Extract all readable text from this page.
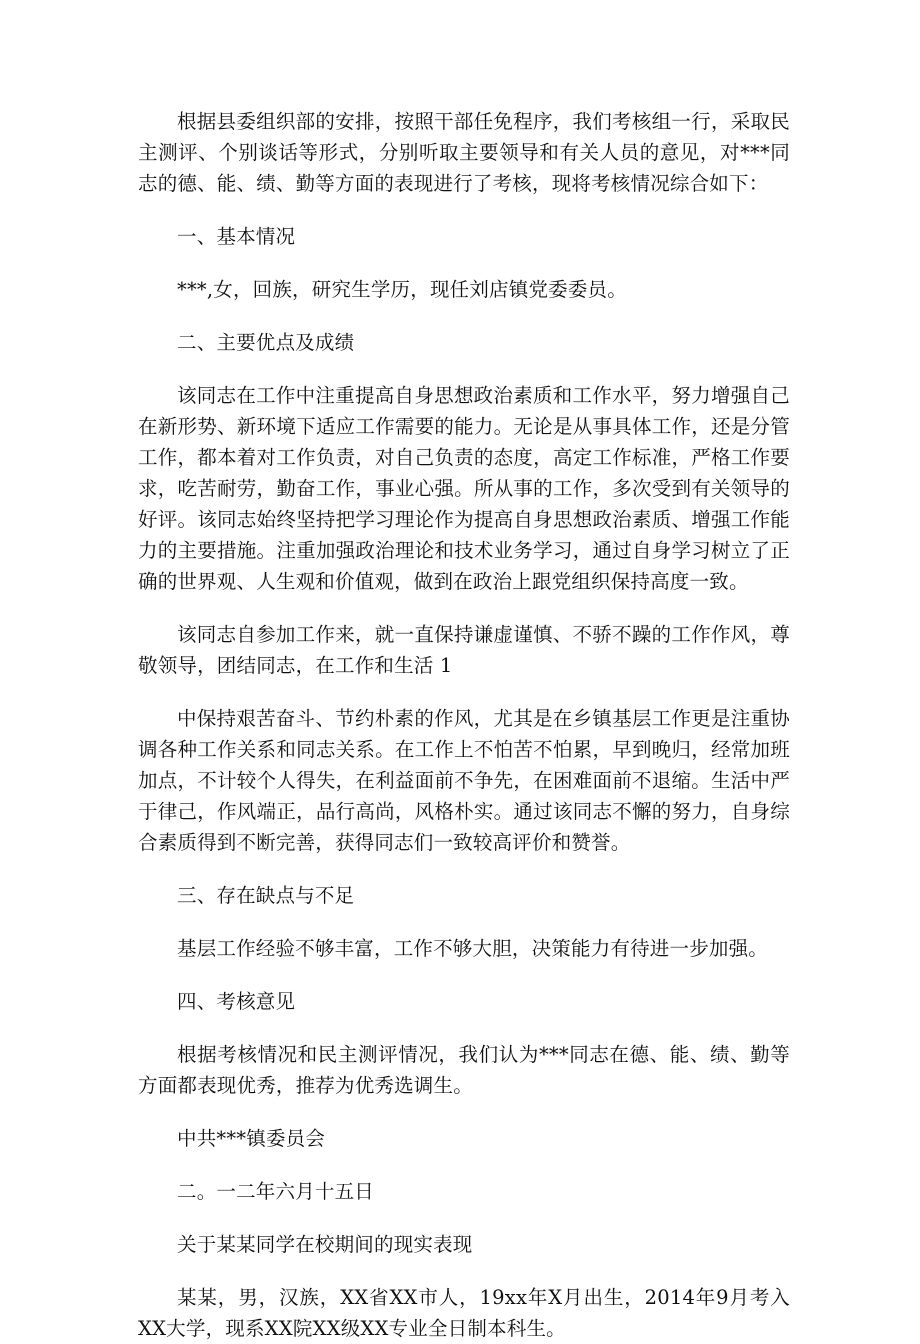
根据县委组织部的安排，按照干部任免程序，我们考核组一行，采取民主测评、个别谈话等形式，分别听取主要领导和有关人员的意见，对***同志的德、能、绩、勤等方面的表现进行了考核，现将考核情况综合如下：

一、基本情况

***,女，回族，研究生学历，现任刘店镇党委委员。

二、主要优点及成绩

该同志在工作中注重提高自身思想政治素质和工作水平，努力增强自己在新形势、新环境下适应工作需要的能力。无论是从事具体工作，还是分管工作，都本着对工作负责，对自己负责的态度，高定工作标准，严格工作要求，吃苦耐劳，勤奋工作，事业心强。所从事的工作，多次受到有关领导的好评。该同志始终坚持把学习理论作为提高自身思想政治素质、增强工作能力的主要措施。注重加强政治理论和技术业务学习，通过自身学习树立了正确的世界观、人生观和价值观，做到在政治上跟党组织保持高度一致。

该同志自参加工作来，就一直保持谦虚谨慎、不骄不躁的工作作风，尊敬领导，团结同志，在工作和生活 1

中保持艰苦奋斗、节约朴素的作风，尤其是在乡镇基层工作更是注重协调各种工作关系和同志关系。在工作上不怕苦不怕累，早到晚归，经常加班加点，不计较个人得失，在利益面前不争先，在困难面前不退缩。生活中严于律己，作风端正，品行高尚，风格朴实。通过该同志不懈的努力，自身综合素质得到不断完善，获得同志们一致较高评价和赞誉。

三、存在缺点与不足

基层工作经验不够丰富，工作不够大胆，决策能力有待进一步加强。

四、考核意见

根据考核情况和民主测评情况，我们认为***同志在德、能、绩、勤等方面都表现优秀，推荐为优秀选调生。

中共***镇委员会

二。一二年六月十五日

关于某某同学在校期间的现实表现

某某，男，汉族，XX省XX市人，19xx年X月出生，2014年9月考入XX大学，现系XX院XX级XX专业全日制本科生。
